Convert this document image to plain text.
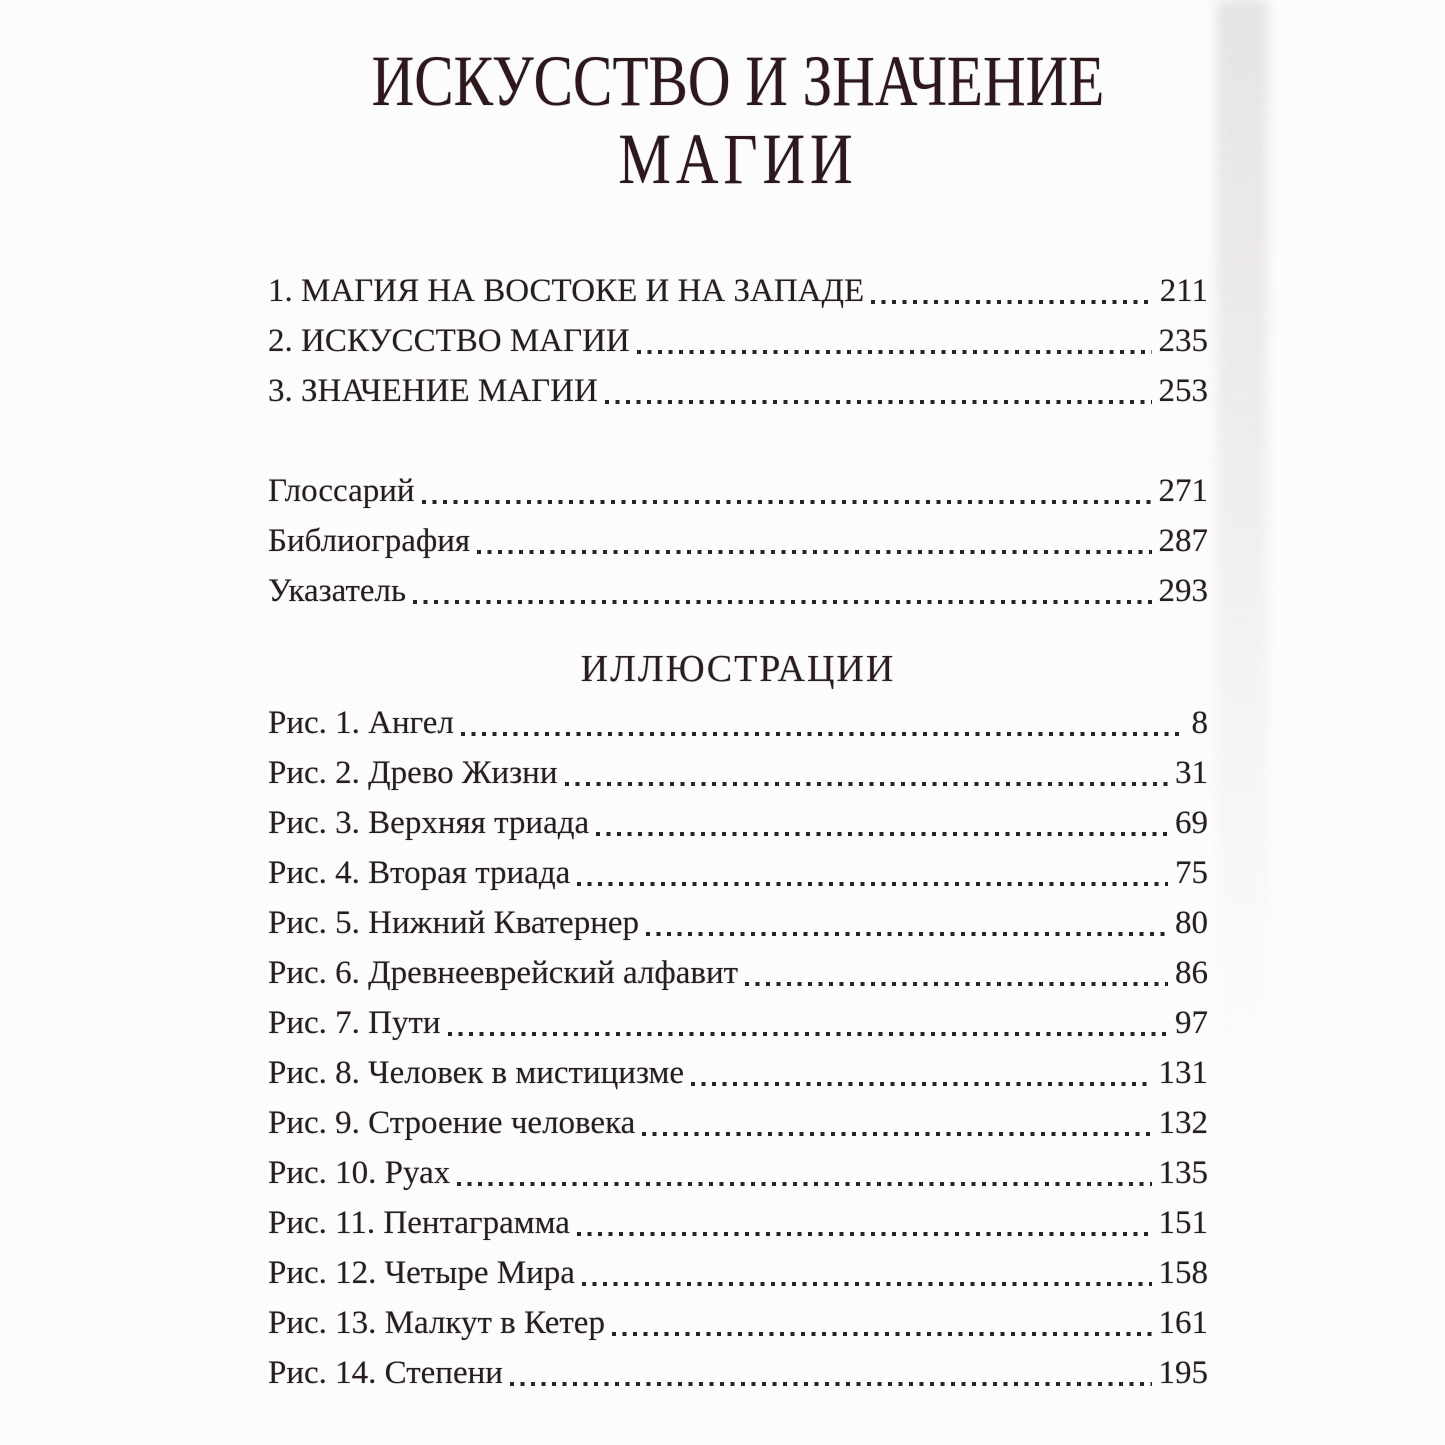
ИСКУССТВО И ЗНАЧЕНИЕ
МАГИИ
1. МАГИЯ НА ВОСТОКЕ И НА ЗАПАДЕ	211
2. ИСКУССТВО МАГИИ	235
3. ЗНАЧЕНИЕ МАГИИ	253
Глоссарий	271
Библиография	287
Указатель	293
ИЛЛЮСТРАЦИИ
Рис. 1. Ангел	8
Рис. 2. Древо Жизни	31
Рис. 3. Верхняя триада	69
Рис. 4. Вторая триада	75
Рис. 5. Нижний Кватернер	80
Рис. 6. Древнееврейский алфавит	86
Рис. 7. Пути	97
Рис. 8. Человек в мистицизме	131
Рис. 9. Строение человека	132
Рис. 10. Руах	135
Рис. 11. Пентаграмма	151
Рис. 12. Четыре Мира	158
Рис. 13. Малкут в Кетер	161
Рис. 14. Степени	195
